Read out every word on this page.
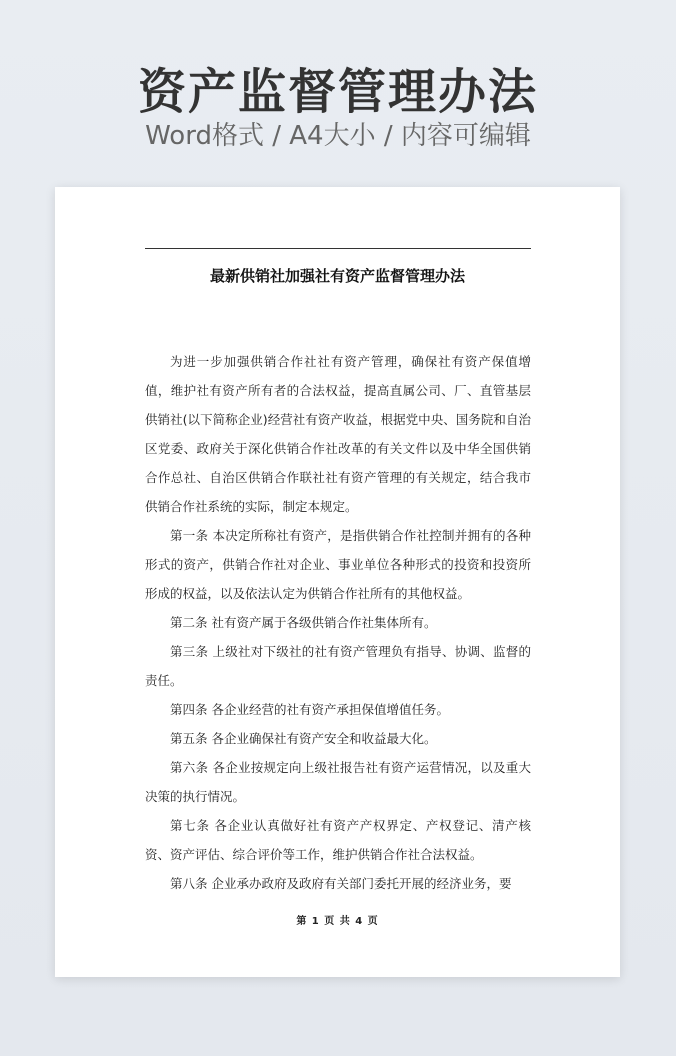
资产监督管理办法
Word格式 / A4大小 / 内容可编辑
最新供销社加强社有资产监督管理办法

为进一步加强供销合作社社有资产管理，确保社有资产保值增值，维护社有资产所有者的合法权益，提高直属公司、厂、直管基层供销社(以下简称企业)经营社有资产收益，根据党中央、国务院和自治区党委、政府关于深化供销合作社改革的有关文件以及中华全国供销合作总社、自治区供销合作联社社有资产管理的有关规定，结合我市供销合作社系统的实际，制定本规定。

第一条 本决定所称社有资产，是指供销合作社控制并拥有的各种形式的资产，供销合作社对企业、事业单位各种形式的投资和投资所形成的权益，以及依法认定为供销合作社所有的其他权益。

第二条 社有资产属于各级供销合作社集体所有。

第三条 上级社对下级社的社有资产管理负有指导、协调、监督的责任。

第四条 各企业经营的社有资产承担保值增值任务。

第五条 各企业确保社有资产安全和收益最大化。

第六条 各企业按规定向上级社报告社有资产运营情况，以及重大决策的执行情况。

第七条 各企业认真做好社有资产产权界定、产权登记、清产核资、资产评估、综合评价等工作，维护供销合作社合法权益。

第八条 企业承办政府及政府有关部门委托开展的经济业务，要

第 1 页 共 4 页
